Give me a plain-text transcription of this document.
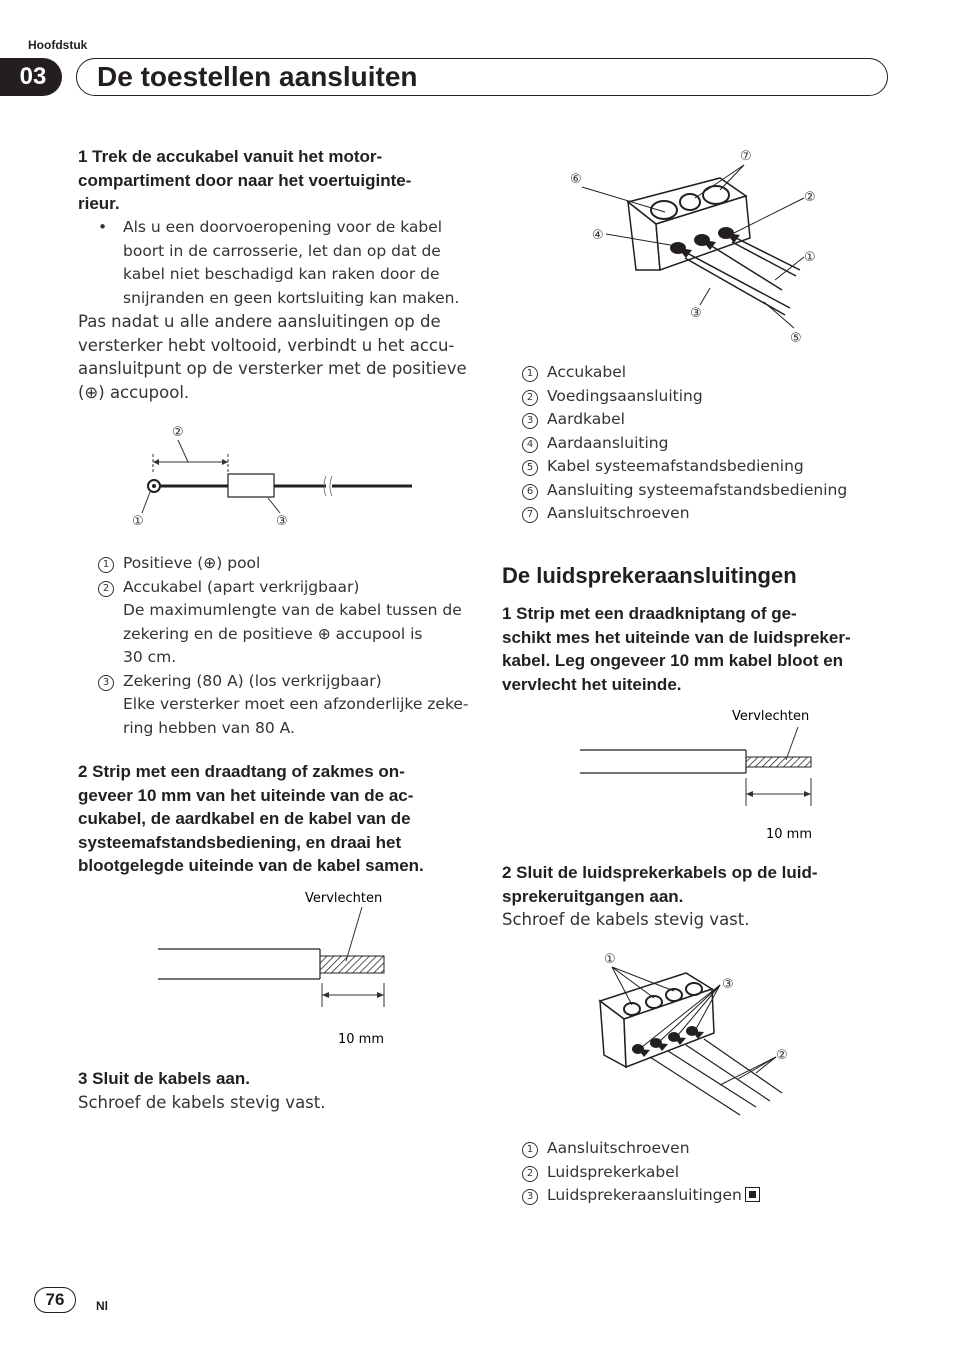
Hoofdstuk
03	De toestellen aansluiten
1 Trek de accukabel vanuit het motor-
compartiment door naar het voertuiginte-
rieur.
• Als u een doorvoeropening voor de kabel
boort in de carrosserie, let dan op dat de
kabel niet beschadigd kan raken door de
snijranden en geen kortsluiting kan maken.
Pas nadat u alle andere aansluitingen op de
versterker hebt voltooid, verbindt u het accu-
aansluitpunt op de versterker met de positieve
(⊕) accupool.
②
①	③
1 Positieve (⊕) pool
2 Accukabel (apart verkrijgbaar)
De maximumlengte van de kabel tussen de
zekering en de positieve ⊕ accupool is
30 cm.
3 Zekering (80 A) (los verkrijgbaar)
Elke versterker moet een afzonderlijke zeke-
ring hebben van 80 A.
2 Strip met een draadtang of zakmes on-
geveer 10 mm van het uiteinde van de ac-
cukabel, de aardkabel en de kabel van de
systeemafstandsbediening, en draai het
blootgelegde uiteinde van de kabel samen.
Vervlechten
10 mm
3 Sluit de kabels aan.
Schroef de kabels stevig vast.
⑦
⑥
②
④
①
③
⑤
1 Accukabel
2 Voedingsaansluiting
3 Aardkabel
4 Aardaansluiting
5 Kabel systeemafstandsbediening
6 Aansluiting systeemafstandsbediening
7 Aansluitschroeven
De luidsprekeraansluitingen
1 Strip met een draadkniptang of ge-
schikt mes het uiteinde van de luidspreker-
kabel. Leg ongeveer 10 mm kabel bloot en
vervlecht het uiteinde.
Vervlechten
10 mm
2 Sluit de luidsprekerkabels op de luid-
sprekeruitgangen aan.
Schroef de kabels stevig vast.
①
③
②
1 Aansluitschroeven
2 Luidsprekerkabel
3 Luidsprekeraansluitingen
76	Nl
